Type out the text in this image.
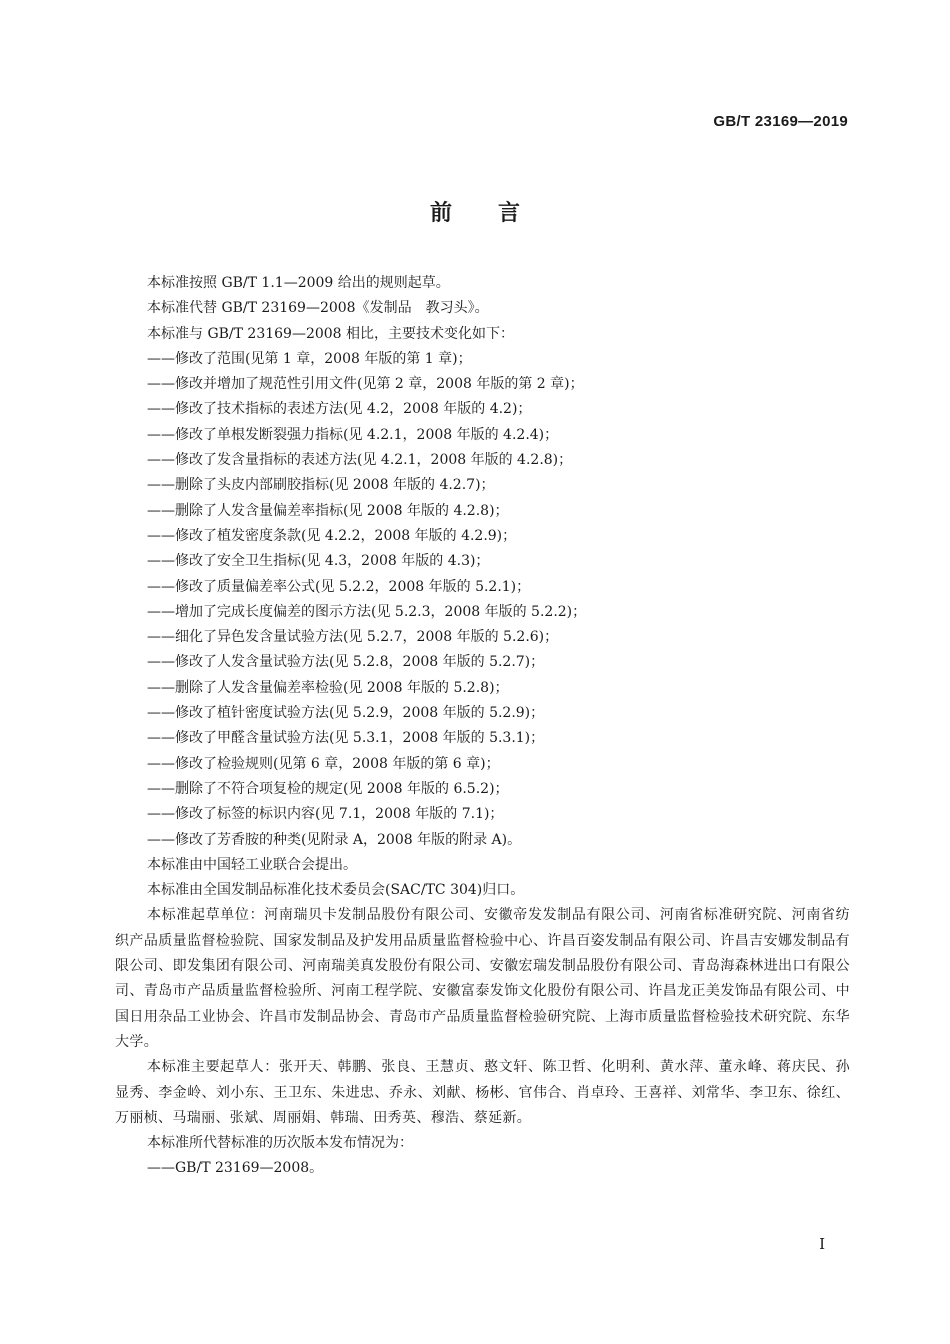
GB/T 23169—2019
前言

本标准按照 GB/T 1.1—2009 给出的规则起草。

本标准代替 GB/T 23169—2008《发制品　教习头》。

本标准与 GB/T 23169—2008 相比，主要技术变化如下：

——修改了范围(见第 1 章，2008 年版的第 1 章)；

——修改并增加了规范性引用文件(见第 2 章，2008 年版的第 2 章)；

——修改了技术指标的表述方法(见 4.2，2008 年版的 4.2)；

——修改了单根发断裂强力指标(见 4.2.1，2008 年版的 4.2.4)；

——修改了发含量指标的表述方法(见 4.2.1，2008 年版的 4.2.8)；

——删除了头皮内部刷胶指标(见 2008 年版的 4.2.7)；

——删除了人发含量偏差率指标(见 2008 年版的 4.2.8)；

——修改了植发密度条款(见 4.2.2，2008 年版的 4.2.9)；

——修改了安全卫生指标(见 4.3，2008 年版的 4.3)；

——修改了质量偏差率公式(见 5.2.2，2008 年版的 5.2.1)；

——增加了完成长度偏差的图示方法(见 5.2.3，2008 年版的 5.2.2)；

——细化了异色发含量试验方法(见 5.2.7，2008 年版的 5.2.6)；

——修改了人发含量试验方法(见 5.2.8，2008 年版的 5.2.7)；

——删除了人发含量偏差率检验(见 2008 年版的 5.2.8)；

——修改了植针密度试验方法(见 5.2.9，2008 年版的 5.2.9)；

——修改了甲醛含量试验方法(见 5.3.1，2008 年版的 5.3.1)；

——修改了检验规则(见第 6 章，2008 年版的第 6 章)；

——删除了不符合项复检的规定(见 2008 年版的 6.5.2)；

——修改了标签的标识内容(见 7.1，2008 年版的 7.1)；

——修改了芳香胺的种类(见附录 A，2008 年版的附录 A)。

本标准由中国轻工业联合会提出。

本标准由全国发制品标准化技术委员会(SAC/TC 304)归口。

本标准起草单位：河南瑞贝卡发制品股份有限公司、安徽帝发发制品有限公司、河南省标准研究院、河南省纺织产品质量监督检验院、国家发制品及护发用品质量监督检验中心、许昌百姿发制品有限公司、许昌吉安娜发制品有限公司、即发集团有限公司、河南瑞美真发股份有限公司、安徽宏瑞发制品股份有限公司、青岛海森林进出口有限公司、青岛市产品质量监督检验所、河南工程学院、安徽富泰发饰文化股份有限公司、许昌龙正美发饰品有限公司、中国日用杂品工业协会、许昌市发制品协会、青岛市产品质量监督检验研究院、上海市质量监督检验技术研究院、东华大学。

本标准主要起草人：张开天、韩鹏、张良、王慧贞、憨文轩、陈卫哲、化明利、黄水萍、董永峰、蒋庆民、孙显秀、李金岭、刘小东、王卫东、朱进忠、乔永、刘献、杨彬、官伟合、肖卓玲、王喜祥、刘常华、李卫东、徐红、万丽桢、马瑞丽、张斌、周丽娟、韩瑞、田秀英、穆浩、蔡延新。

本标准所代替标准的历次版本发布情况为：

——GB/T 23169—2008。

I
